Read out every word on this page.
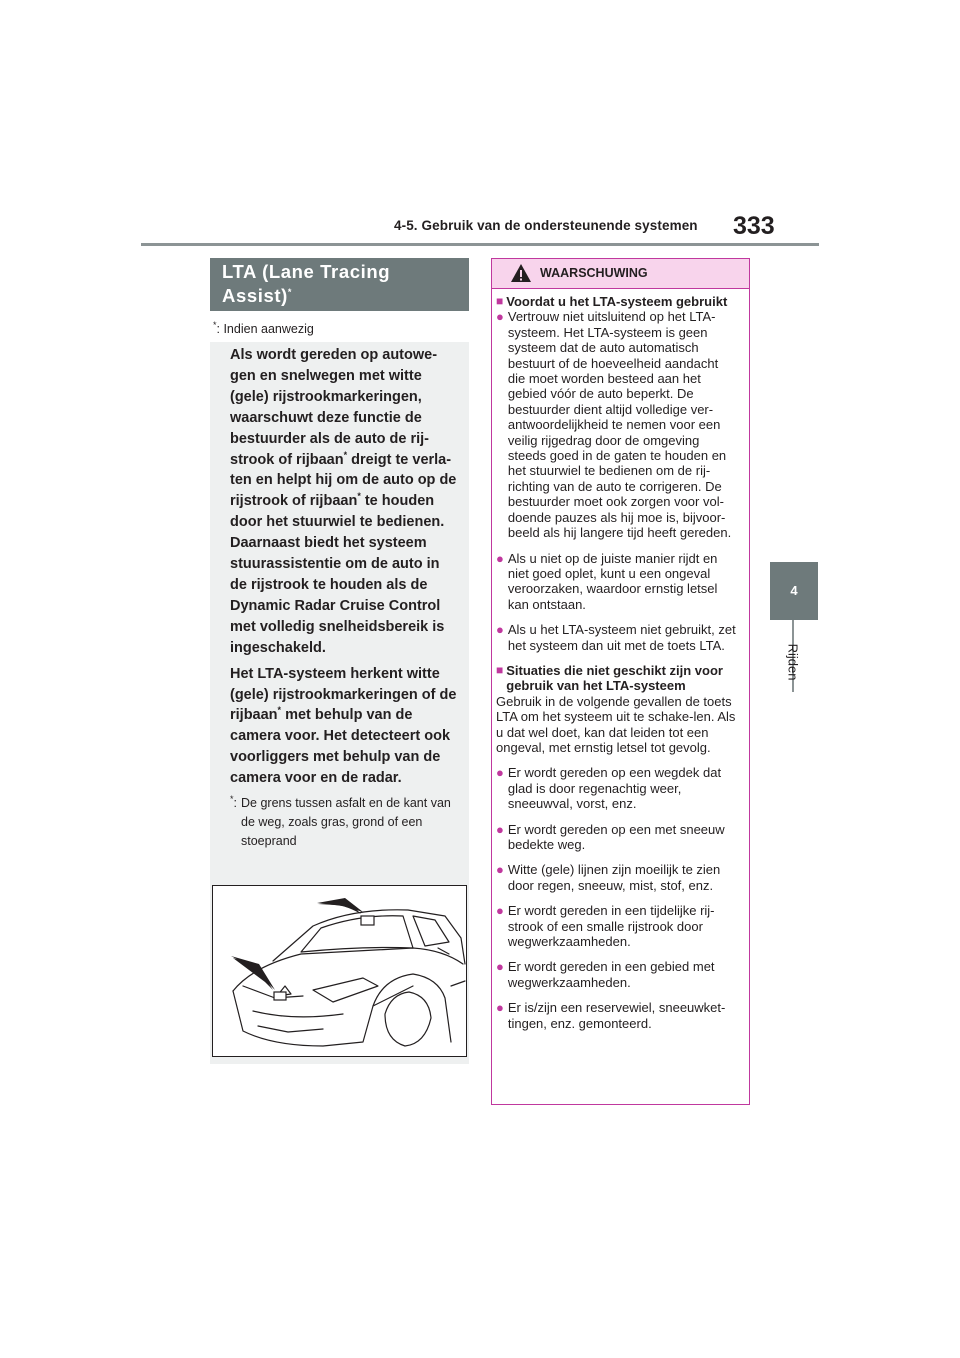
4-5. Gebruik van de ondersteunende systemen 333
4
Rijden
LTA (Lane Tracing
Assist)*
*: Indien aanwezig

Als wordt gereden op autowe-
gen en snelwegen met witte
(gele) rijstrookmarkeringen,
waarschuwt deze functie de
bestuurder als de auto de rij-
strook of rijbaan* dreigt te verla-
ten en helpt hij om de auto op de
rijstrook of rijbaan* te houden
door het stuurwiel te bedienen.
Daarnaast biedt het systeem
stuurassistentie om de auto in
de rijstrook te houden als de
Dynamic Radar Cruise Control
met volledig snelheidsbereik is
ingeschakeld.

Het LTA-systeem herkent witte
(gele) rijstrookmarkeringen of de
rijbaan* met behulp van de
camera voor. Het detecteert ook
voorliggers met behulp van de
camera voor en de radar.

*: De grens tussen asfalt en de kant van de weg, zoals gras, grond of een stoeprand
WAARSCHUWING
■ Voordat u het LTA-systeem gebruikt
● Vertrouw niet uitsluitend op het LTA-systeem. Het LTA-systeem is geen systeem dat de auto automatisch bestuurt of de hoeveelheid aandacht die moet worden besteed aan het gebied vóór de auto beperkt. De bestuurder dient altijd volledige ver-antwoordelijkheid te nemen voor een veilig rijgedrag door de omgeving steeds goed in de gaten te houden en het stuurwiel te bedienen om de rij-richting van de auto te corrigeren. De bestuurder moet ook zorgen voor vol-doende pauzes als hij moe is, bijvoor-beeld als hij langere tijd heeft gereden.
● Als u niet op de juiste manier rijdt en niet goed oplet, kunt u een ongeval veroorzaken, waardoor ernstig letsel kan ontstaan.
● Als u het LTA-systeem niet gebruikt, zet het systeem dan uit met de toets LTA.
■ Situaties die niet geschikt zijn voor gebruik van het LTA-systeem
Gebruik in de volgende gevallen de toets LTA om het systeem uit te schake-len. Als u dat wel doet, kan dat leiden tot een ongeval, met ernstig letsel tot gevolg.
● Er wordt gereden op een wegdek dat glad is door regenachtig weer, sneeuwval, vorst, enz.
● Er wordt gereden op een met sneeuw bedekte weg.
● Witte (gele) lijnen zijn moeilijk te zien door regen, sneeuw, mist, stof, enz.
● Er wordt gereden in een tijdelijke rij-strook of een smalle rijstrook door wegwerkzaamheden.
● Er wordt gereden in een gebied met wegwerkzaamheden.
● Er is/zijn een reservewiel, sneeuwket-tingen, enz. gemonteerd.
